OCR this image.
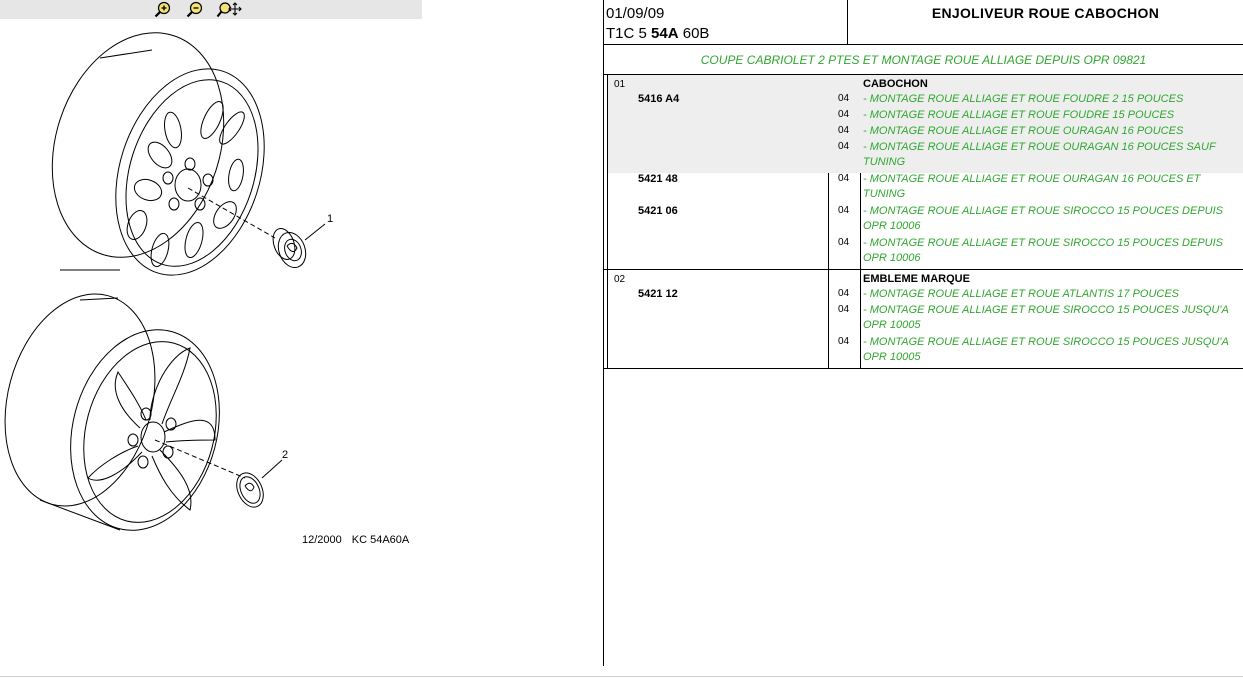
1
2
12/2000 KC 54A60A
01/09/09
T1C 5 54A 60B
ENJOLIVEUR ROUE CABOCHON
COUPE CABRIOLET 2 PTES ET MONTAGE ROUE ALLIAGE DEPUIS OPR 09821
01	CABOCHON
5416 A4	04 - MONTAGE ROUE ALLIAGE ET ROUE FOUDRE 2 15 POUCES
04 - MONTAGE ROUE ALLIAGE ET ROUE FOUDRE 15 POUCES
04 - MONTAGE ROUE ALLIAGE ET ROUE OURAGAN 16 POUCES
04 - MONTAGE ROUE ALLIAGE ET ROUE OURAGAN 16 POUCES SAUF TUNING
5421 48	04 - MONTAGE ROUE ALLIAGE ET ROUE OURAGAN 16 POUCES ET TUNING
5421 06	04 - MONTAGE ROUE ALLIAGE ET ROUE SIROCCO 15 POUCES DEPUIS OPR 10006
04 - MONTAGE ROUE ALLIAGE ET ROUE SIROCCO 15 POUCES DEPUIS OPR 10006
02	EMBLEME MARQUE
5421 12	04 - MONTAGE ROUE ALLIAGE ET ROUE ATLANTIS 17 POUCES
04 - MONTAGE ROUE ALLIAGE ET ROUE SIROCCO 15 POUCES JUSQU'A OPR 10005
04 - MONTAGE ROUE ALLIAGE ET ROUE SIROCCO 15 POUCES JUSQU'A OPR 10005
